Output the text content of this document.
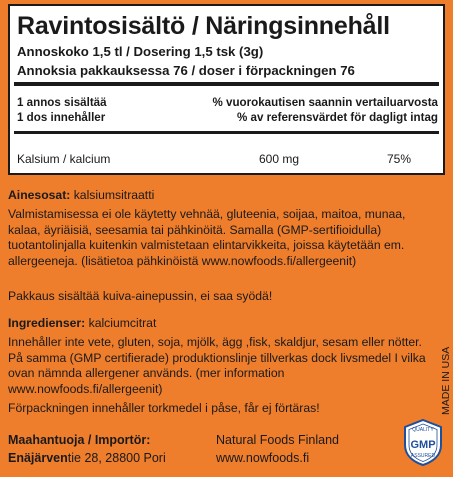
Ravintosisältö / Näringsinnehåll
Annoskoko 1,5 tl / Dosering 1,5 tsk (3g)
Annoksia pakkauksessa 76 / doser i förpackningen 76
1 annos sisältää
1 dos innehåller
% vuorokautisen saannin vertailuarvosta
% av referensvärdet för dagligt intag
Kalsium / kalcium	600 mg	75%

Ainesosat: kalsiumsitraatti

Valmistamisessa ei ole käytetty vehnää, gluteenia, soijaa, maitoa, munaa, kalaa, äyriäisiä, seesamia tai pähkinöitä. Samalla (GMP-sertifioidulla) tuotantolinjalla kuitenkin valmistetaan elintarvikkeita, joissa käytetään em. allergeeneja. (lisätietoa pähkinöistä www.nowfoods.fi/allergeenit)

Pakkaus sisältää kuiva-ainepussin, ei saa syödä!

Ingredienser: kalciumcitrat

Innehåller inte vete, gluten, soja, mjölk, ägg ,fisk, skaldjur, sesam eller nötter. På samma (GMP certifierade) produktionslinje tillverkas dock livsmedel I vilka ovan nämnda allergener används. (mer information www.nowfoods.fi/allergeenit)

Förpackningen innehåller torkmedel i påse, får ej förtäras!

Maahantuoja / Importör:
Enäjärventie 28, 28800 Pori
Natural Foods Finland
www.nowfoods.fi
MADE IN USA
QUALITY
GMP
ASSURED
